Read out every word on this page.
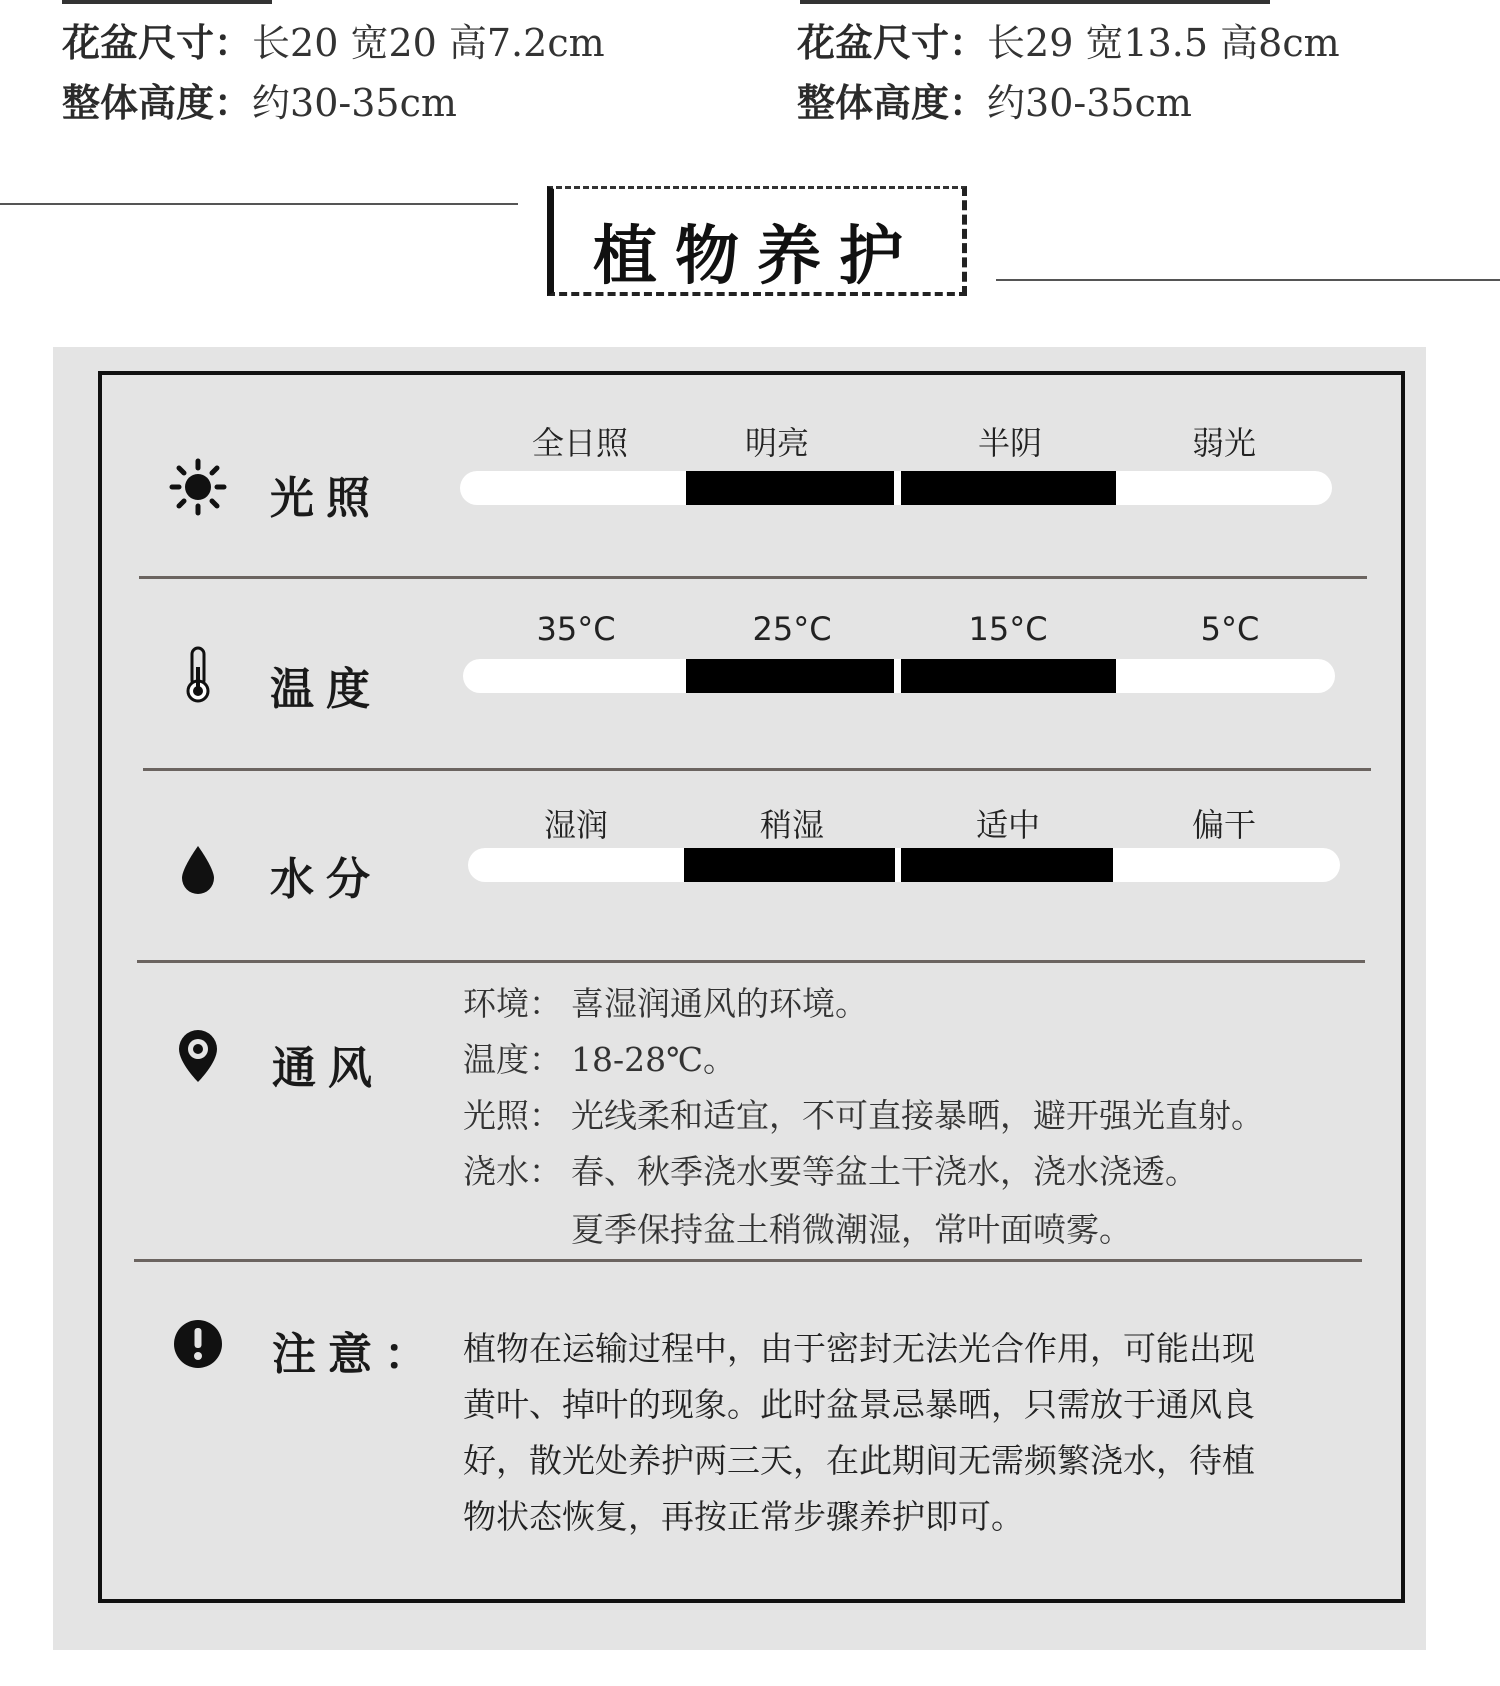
花盆尺寸：长20 宽20 高7.2cm
整体高度：约30-35cm
花盆尺寸：长29 宽13.5 高8cm
整体高度：约30-35cm
植物养护
光照
全日照	明亮	半阴	弱光
温度
35°C	25°C	15°C	5°C
水分
湿润	稍湿	适中	偏干
通风
环境： 喜湿润通风的环境。
温度： 18-28℃。
光照： 光线柔和适宜，不可直接暴晒，避开强光直射。
浇水： 春、秋季浇水要等盆土干浇水，浇水浇透。
夏季保持盆土稍微潮湿，常叶面喷雾。
注意： 植物在运输过程中，由于密封无法光合作用，可能出现
黄叶、掉叶的现象。此时盆景忌暴晒，只需放于通风良
好，散光处养护两三天，在此期间无需频繁浇水，待植
物状态恢复，再按正常步骤养护即可。
